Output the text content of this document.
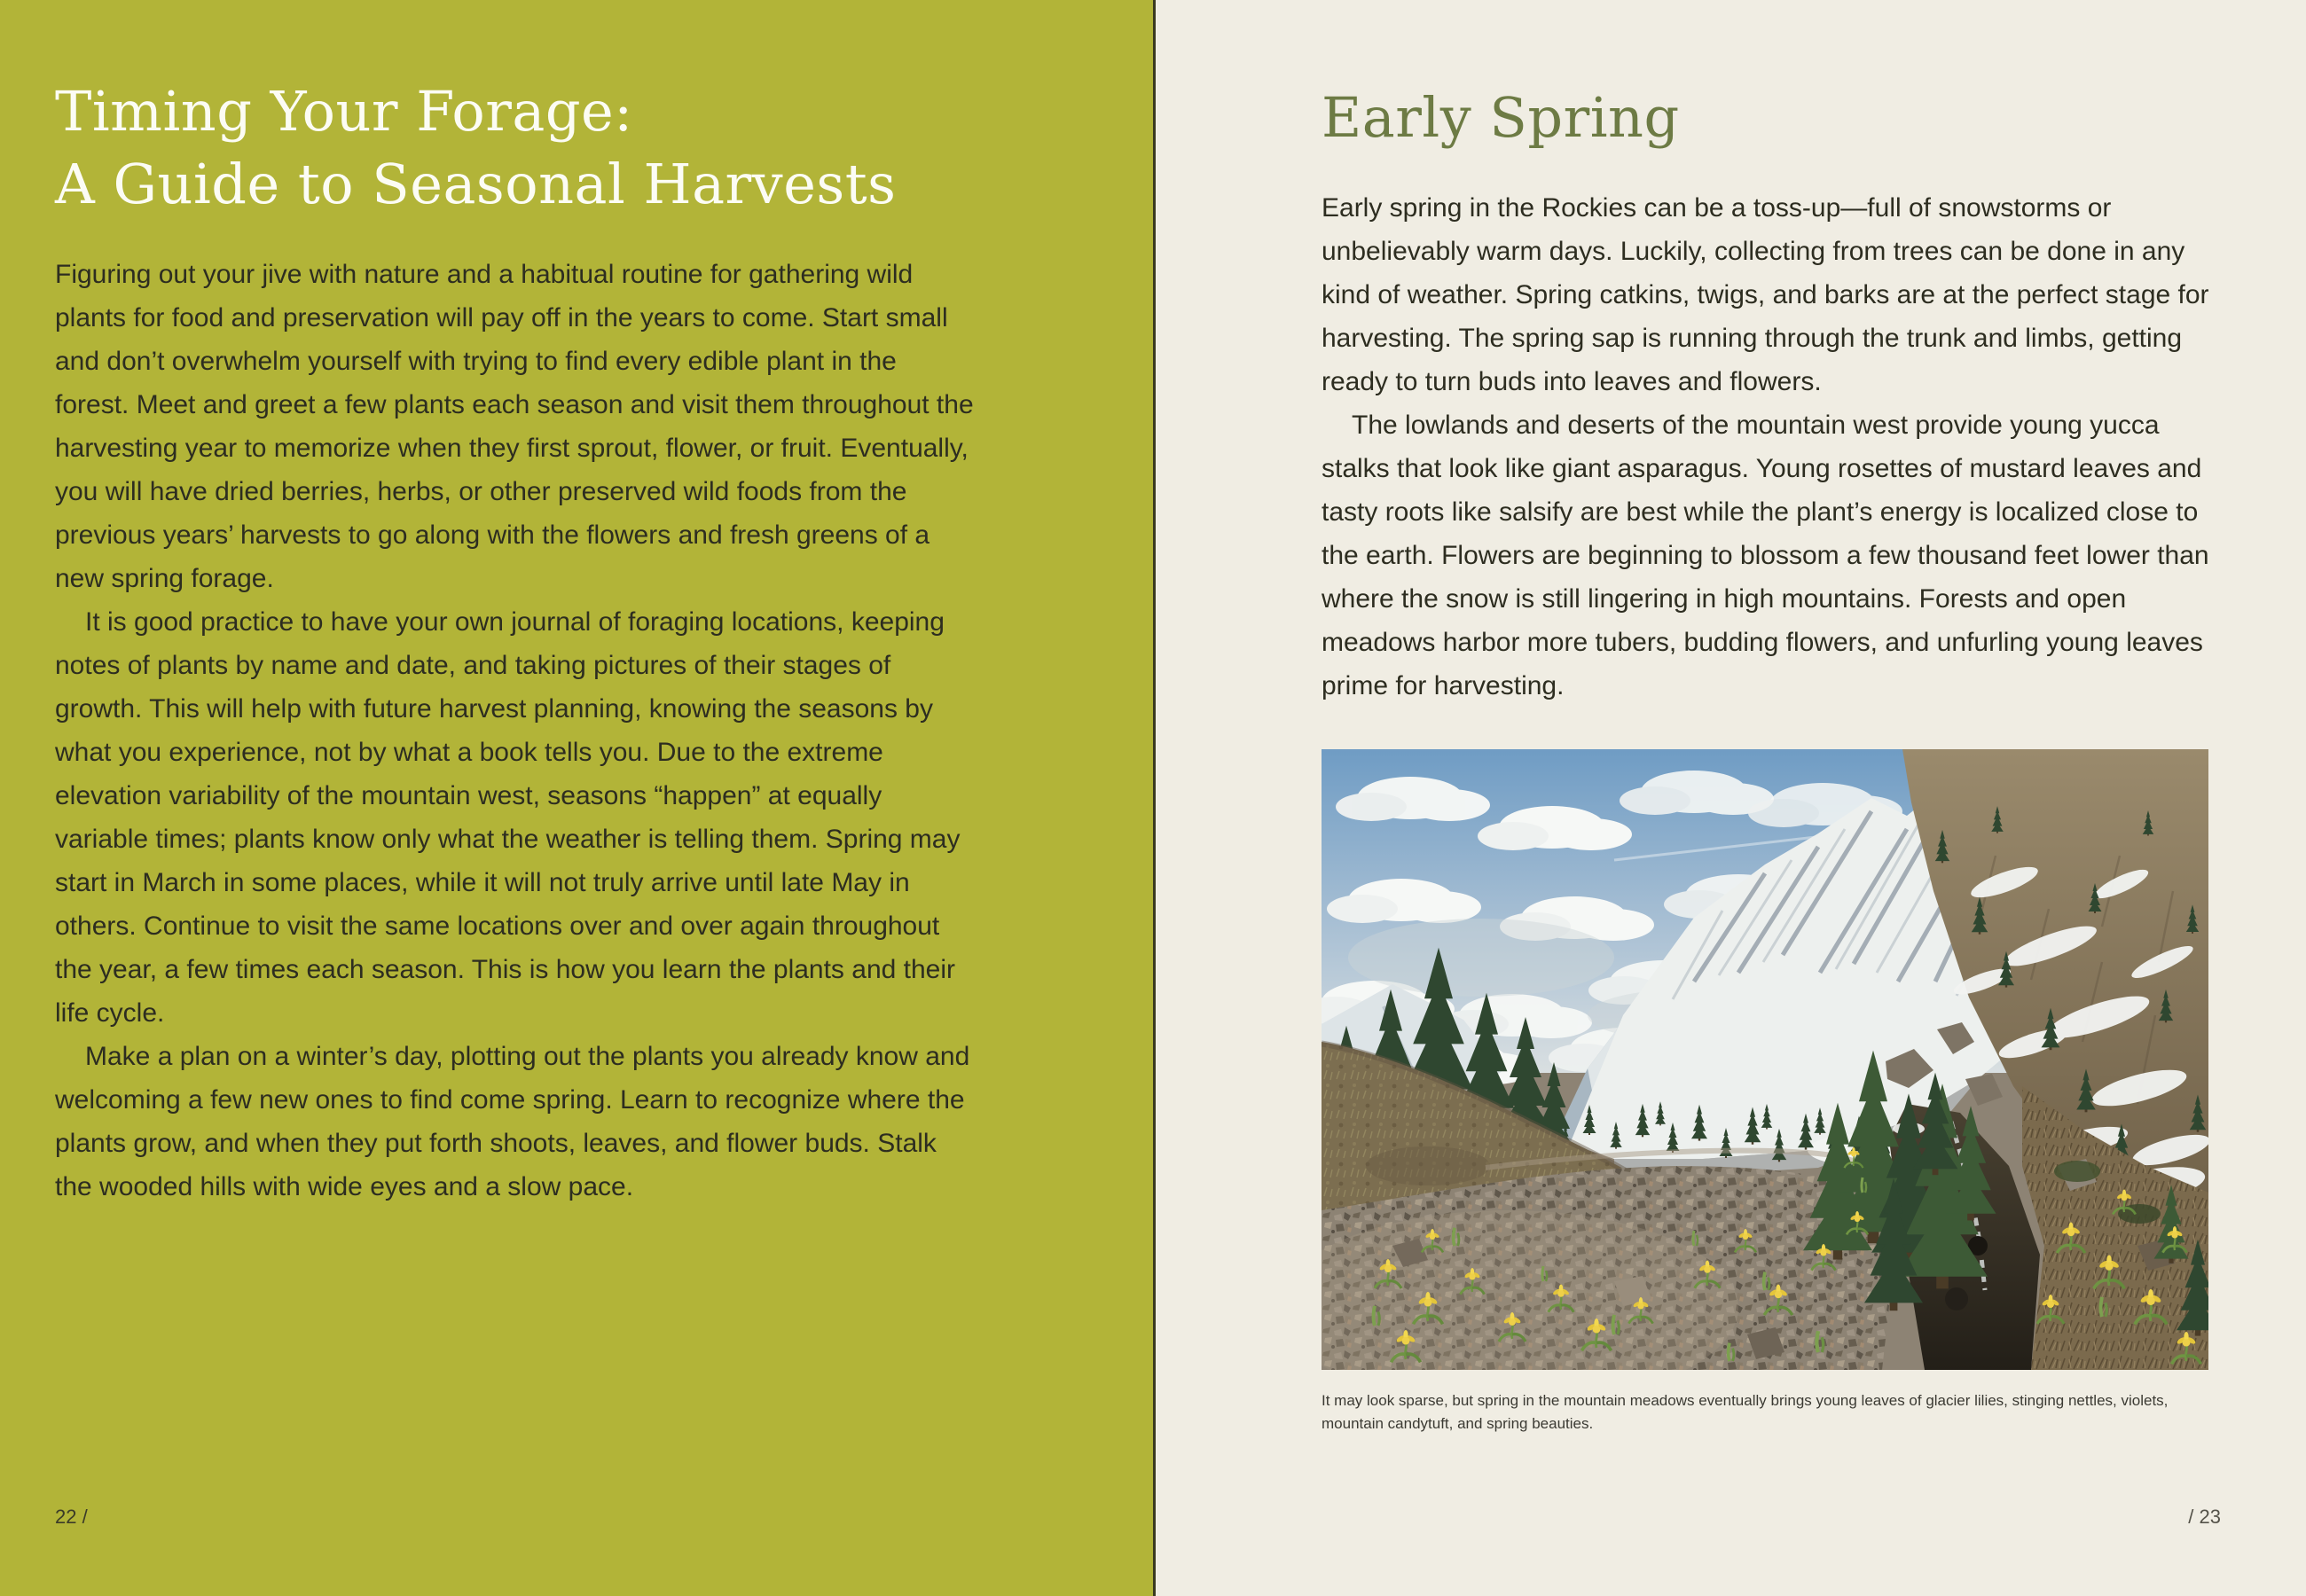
Timing Your Forage:
A Guide to Seasonal Harvests

Figuring out your jive with nature and a habitual routine for gathering wild plants for food and preservation will pay off in the years to come. Start small and don’t overwhelm yourself with trying to find every edible plant in the forest. Meet and greet a few plants each season and visit them throughout the harvesting year to memorize when they first sprout, flower, or fruit. Eventually, you will have dried berries, herbs, or other preserved wild foods from the previous years’ harvests to go along with the flowers and fresh greens of a new spring forage.

It is good practice to have your own journal of foraging locations, keeping notes of plants by name and date, and taking pictures of their stages of growth. This will help with future harvest planning, knowing the seasons by what you experience, not by what a book tells you. Due to the extreme elevation variability of the mountain west, seasons “happen” at equally variable times; plants know only what the weather is telling them. Spring may start in March in some places, while it will not truly arrive until late May in others. Continue to visit the same locations over and over again throughout the year, a few times each season. This is how you learn the plants and their life cycle.

Make a plan on a winter’s day, plotting out the plants you already know and welcoming a few new ones to find come spring. Learn to recognize where the plants grow, and when they put forth shoots, leaves, and flower buds. Stalk the wooded hills with wide eyes and a slow pace.

22 /
Early Spring

Early spring in the Rockies can be a toss-up—full of snowstorms or unbelievably warm days. Luckily, collecting from trees can be done in any kind of weather. Spring catkins, twigs, and barks are at the perfect stage for harvesting. The spring sap is running through the trunk and limbs, getting ready to turn buds into leaves and flowers.

The lowlands and deserts of the mountain west provide young yucca stalks that look like giant asparagus. Young rosettes of mustard leaves and tasty roots like salsify are best while the plant’s energy is localized close to the earth. Flowers are beginning to blossom a few thousand feet lower than where the snow is still lingering in high mountains. Forests and open meadows harbor more tubers, budding flowers, and unfurling young leaves prime for harvesting.

It may look sparse, but spring in the mountain meadows eventually brings young leaves of glacier lilies, stinging nettles, violets, mountain candytuft, and spring beauties.
/ 23
